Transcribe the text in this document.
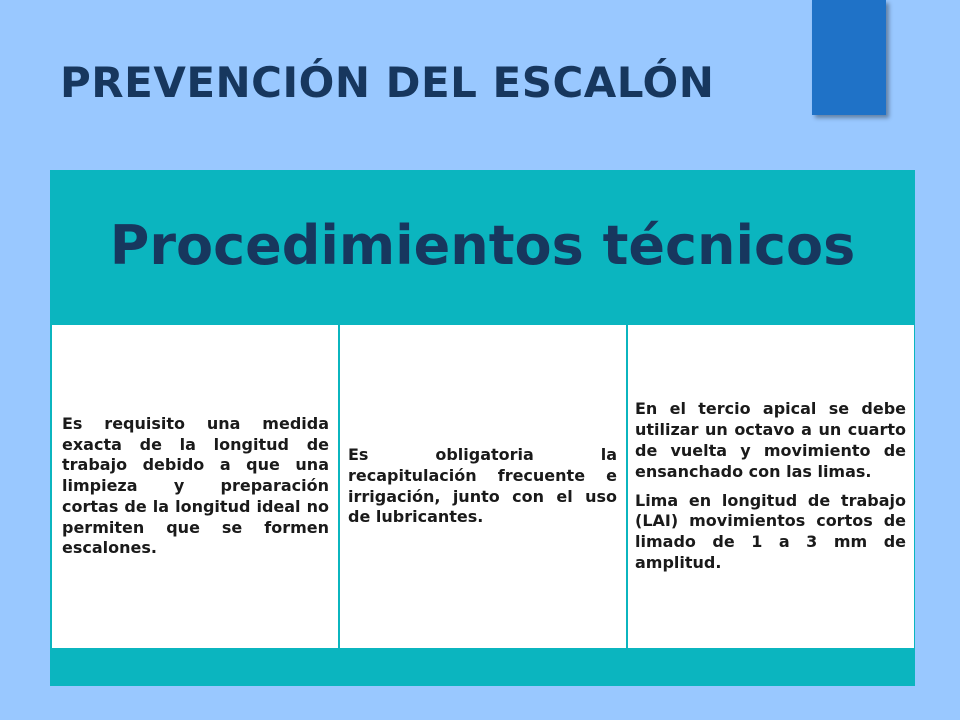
PREVENCIÓN DEL ESCALÓN
Procedimientos técnicos

Es requisito una medida exacta de la longitud de trabajo debido a que una limpieza y preparación cortas de la longitud ideal no permiten que se formen escalones.

Es obligatoria la recapitulación frecuente e irrigación, junto con el uso de lubricantes.

En el tercio apical se debe utilizar un octavo a un cuarto de vuelta y movimiento de ensanchado con las limas.

Lima en longitud de trabajo (LAI) movimientos cortos de limado de 1 a 3 mm de amplitud.
